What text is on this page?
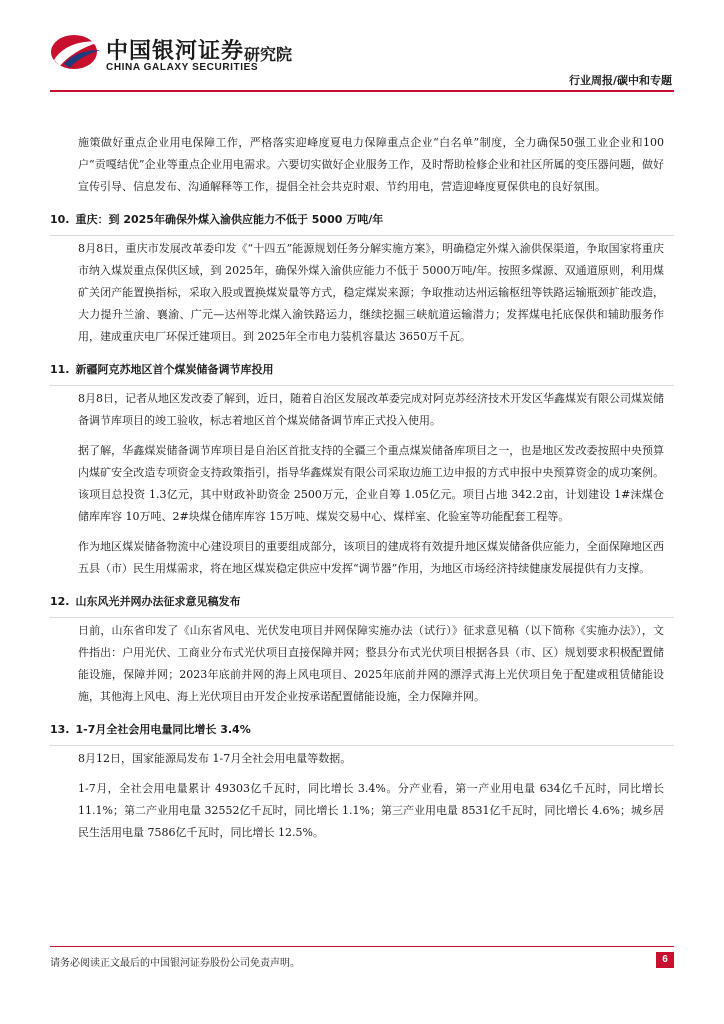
中国银河证券
CHINA GALAXY SECURITIES
研究院
行业周报/碳中和专题

施策做好重点企业用电保障工作，严格落实迎峰度夏电力保障重点企业“白名单”制度，全力确保50强工业企业和100户“贡嘎结优”企业等重点企业用电需求。六要切实做好企业服务工作，及时帮助检修企业和社区所属的变压器问题，做好宣传引导、信息发布、沟通解释等工作，提倡全社会共克时艰、节约用电，营造迎峰度夏保供电的良好氛围。

10. 重庆：到 2025年确保外煤入渝供应能力不低于 5000 万吨/年

8月8日，重庆市发展改革委印发《“十四五”能源规划任务分解实施方案》，明确稳定外煤入渝供保渠道，争取国家将重庆市纳入煤炭重点保供区域，到 2025年，确保外煤入渝供应能力不低于 5000万吨/年。按照多煤源、双通道原则，利用煤矿关闭产能置换指标，采取入股或置换煤炭量等方式，稳定煤炭来源；争取推动达州运输枢纽等铁路运输瓶颈扩能改造，大力提升兰渝、襄渝、广元—达州等北煤入渝铁路运力，继续挖掘三峡航道运输潜力；发挥煤电托底保供和辅助服务作用，建成重庆电厂环保迁建项目。到 2025年全市电力装机容量达 3650万千瓦。

11. 新疆阿克苏地区首个煤炭储备调节库投用

8月8日，记者从地区发改委了解到，近日，随着自治区发展改革委完成对阿克苏经济技术开发区华鑫煤炭有限公司煤炭储备调节库项目的竣工验收，标志着地区首个煤炭储备调节库正式投入使用。

据了解，华鑫煤炭储备调节库项目是自治区首批支持的全疆三个重点煤炭储备库项目之一，也是地区发改委按照中央预算内煤矿安全改造专项资金支持政策指引，指导华鑫煤炭有限公司采取边施工边申报的方式申报中央预算资金的成功案例。该项目总投资 1.3亿元，其中财政补助资金 2500万元，企业自筹 1.05亿元。项目占地 342.2亩，计划建设 1#沫煤仓储库库容 10万吨、2#块煤仓储库库容 15万吨、煤炭交易中心、煤样室、化验室等功能配套工程等。

作为地区煤炭储备物流中心建设项目的重要组成部分，该项目的建成将有效提升地区煤炭储备供应能力，全面保障地区西五县（市）民生用煤需求，将在地区煤炭稳定供应中发挥“调节器”作用，为地区市场经济持续健康发展提供有力支撑。

12. 山东风光并网办法征求意见稿发布

日前，山东省印发了《山东省风电、光伏发电项目并网保障实施办法（试行）》征求意见稿（以下简称《实施办法》），文件指出：户用光伏、工商业分布式光伏项目直接保障并网；整县分布式光伏项目根据各县（市、区）规划要求积极配置储能设施，保障并网；2023年底前并网的海上风电项目、2025年底前并网的漂浮式海上光伏项目免于配建或租赁储能设施，其他海上风电、海上光伏项目由开发企业按承诺配置储能设施，全力保障并网。

13. 1-7月全社会用电量同比增长 3.4%

8月12日，国家能源局发布 1-7月全社会用电量等数据。

1-7月，全社会用电量累计 49303亿千瓦时，同比增长 3.4%。分产业看，第一产业用电量 634亿千瓦时，同比增长 11.1%；第二产业用电量 32552亿千瓦时，同比增长 1.1%；第三产业用电量 8531亿千瓦时，同比增长 4.6%；城乡居民生活用电量 7586亿千瓦时，同比增长 12.5%。

请务必阅读正文最后的中国银河证券股份公司免责声明。	6
